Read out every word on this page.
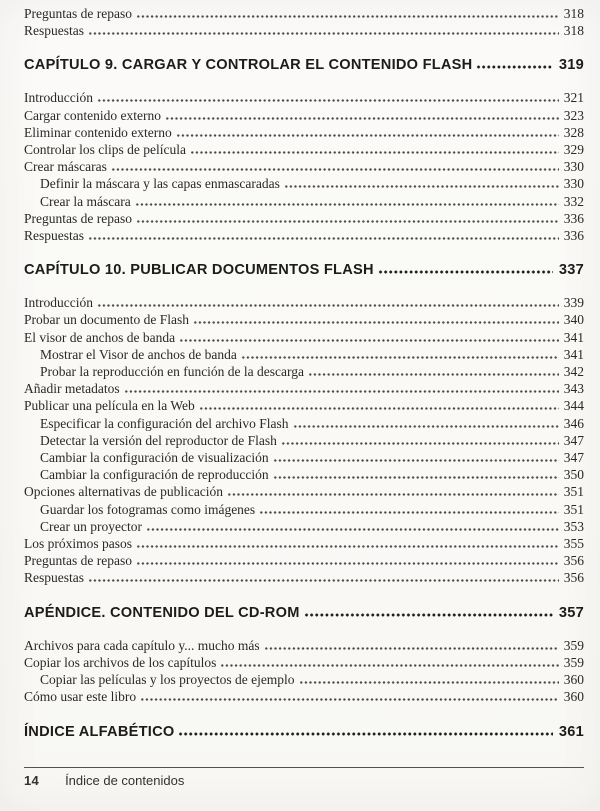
Preguntas de repaso	318
Respuestas	318
CAPÍTULO 9. CARGAR Y CONTROLAR EL CONTENIDO FLASH	319
Introducción	321
Cargar contenido externo	323
Eliminar contenido externo	328
Controlar los clips de película	329
Crear máscaras	330
Definir la máscara y las capas enmascaradas	330
Crear la máscara	332
Preguntas de repaso	336
Respuestas	336
CAPÍTULO 10. PUBLICAR DOCUMENTOS FLASH	337
Introducción	339
Probar un documento de Flash	340
El visor de anchos de banda	341
Mostrar el Visor de anchos de banda	341
Probar la reproducción en función de la descarga	342
Añadir metadatos	343
Publicar una película en la Web	344
Especificar la configuración del archivo Flash	346
Detectar la versión del reproductor de Flash	347
Cambiar la configuración de visualización	347
Cambiar la configuración de reproducción	350
Opciones alternativas de publicación	351
Guardar los fotogramas como imágenes	351
Crear un proyector	353
Los próximos pasos	355
Preguntas de repaso	356
Respuestas	356
APÉNDICE. CONTENIDO DEL CD-ROM	357
Archivos para cada capítulo y... mucho más	359
Copiar los archivos de los capítulos	359
Copiar las películas y los proyectos de ejemplo	360
Cómo usar este libro	360
ÍNDICE ALFABÉTICO	361
14 Índice de contenidos
